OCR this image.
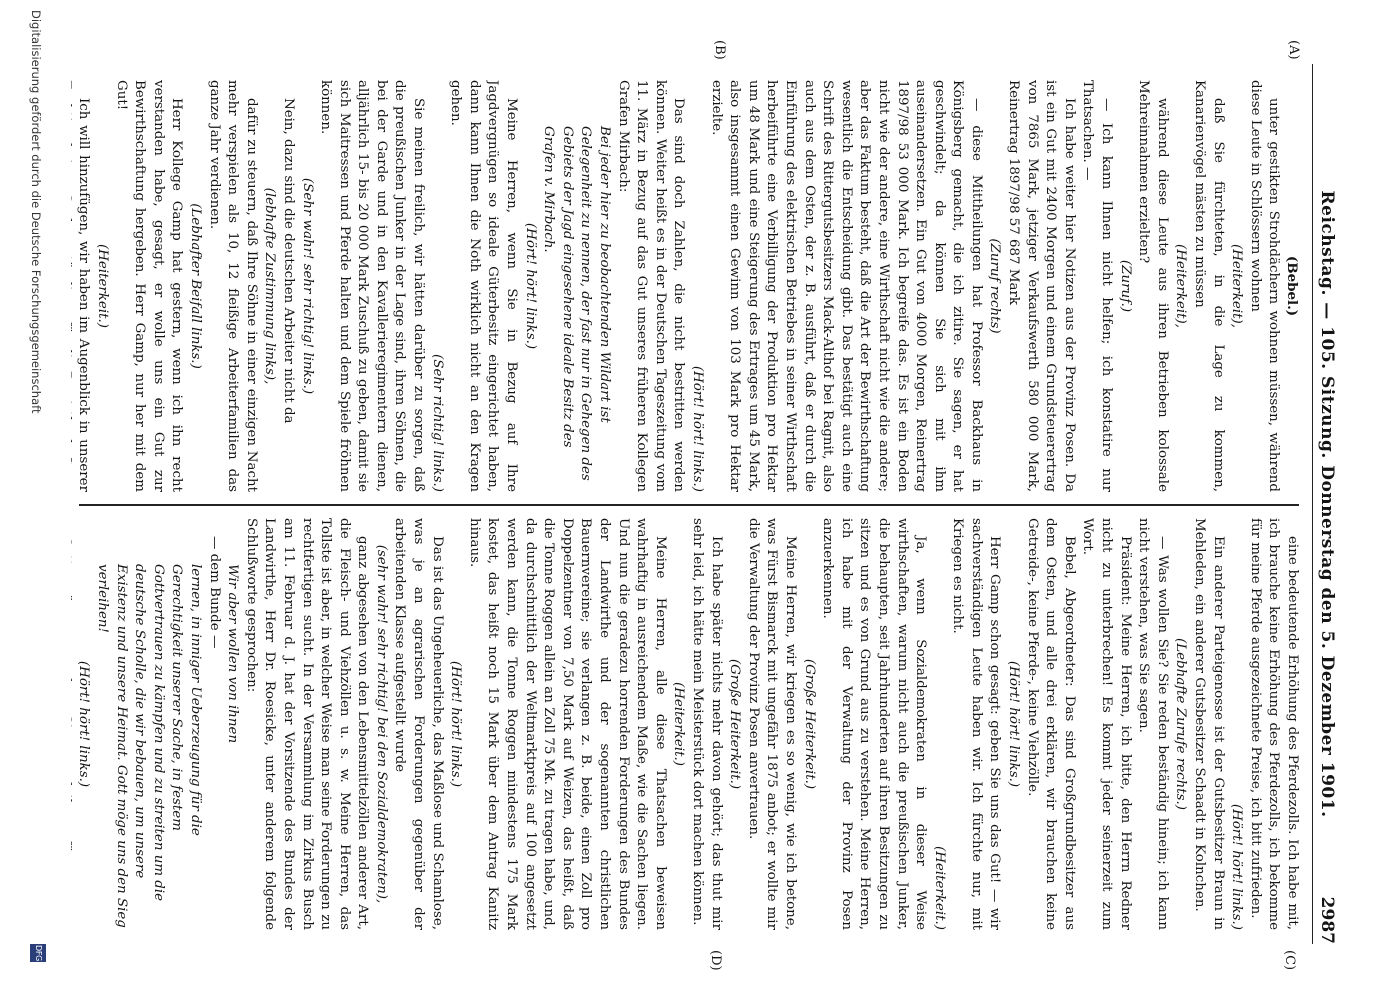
Reichstag. — 105. Sitzung. Donnerstag den 5. Dezember 1901.
2987
(A)
(B)
(C)
(D)

(Bebel.)

unter gestikten Strohdächern wohnen müssen, während diese Leute in Schlössern wohnen

(Heiterkeit),

daß Sie fürchteten, in die Lage zu kommen, Kanarienvögel mästen zu müssen

(Heiterkeit),

während diese Leute aus ihren Betrieben kolossale Mehreinnahmen erzielten?

(Zuruf.)

— Ich kann Ihnen nicht helfen; ich konstatire nur Thatsachen. —

Ich habe weiter hier Notizen aus der Provinz Posen. Da ist ein Gut mit 2400 Morgen und einem Grundsteuerertrag von 7865 Mark, jetziger Verkaufswerth 580 000 Mark, Reinertrag 1897/98 57 687 Mark

(Zuruf rechts)

— diese Mittheilungen hat Professor Backhaus in Königsberg gemacht, die ich zitire. Sie sagen, er hat geschwindelt; da können Sie sich mit ihm auseinandersetzen. Ein Gut von 4000 Morgen, Reinertrag 1897/98 53 000 Mark. Ich begreife das. Es ist ein Boden nicht wie der andere, eine Wirthschaft nicht wie die andere; aber das Faktum besteht, daß die Art der Bewirthschaftung wesentlich die Entscheidung gibt. Das bestätigt auch eine Schrift des Rittergutsbesitzers Mack-Althof bei Ragnit, also auch aus dem Osten, der z. B. ausführt, daß er durch die Einführung des elektrischen Betriebes in seiner Wirthschaft herbeiführte eine Verbilligung der Produktion pro Hektar um 48 Mark und eine Steigerung des Ertrages um 45 Mark, also insgesammt einen Gewinn von 103 Mark pro Hektar erzielte.

(Hört! hört! links.)

Das sind doch Zahlen, die nicht bestritten werden können. Weiter heißt es in der Deutschen Tageszeitung vom 11. März in Bezug auf das Gut unseres früheren Kollegen Grafen Mirbach:

Bei jeder hier zu beobachtenden Wildart ist Gelegenheit zu nennen, der fast nur in Gehegen des Gebiets der Jagd eingesehene ideale Besitz des Grafen v. Mirbach.

(Hört! hört! links.)

Meine Herren, wenn Sie in Bezug auf Ihre Jagdvergnügen so ideale Güterbesitz eingerichtet haben, dann kann Ihnen die Noth wirklich nicht an den Kragen gehen.

(Sehr richtig! links.)

Sie meinen freilich, wir hätten darüber zu sorgen, daß die preußischen Junker in der Lage sind, ihren Söhnen, die bei der Garde und in den Kavallerieregimentern dienen, alljährlich 15- bis 20 000 Mark Zuschuß zu geben, damit sie sich Maitressen und Pferde halten und dem Spiele fröhnen können.

(Sehr wahr! sehr richtig! links.)

Nein, dazu sind die deutschen Arbeiter nicht da

(lebhafte Zustimmung links),

dafür zu steuern, daß Ihre Söhne in einer einzigen Nacht mehr verspielen als 10, 12 fleißige Arbeiterfamilien das ganze Jahr verdienen.

(Lebhafter Beifall links.)

Herr Kollege Gamp hat gestern, wenn ich ihn recht verstanden habe, gesagt, er wolle uns ein Gut zur Bewirthschaftung hergeben. Herr Gamp, nur her mit dem Gut!

(Heiterkeit.)

Ich will hinzufügen, wir haben im Augenblick in unserer

eine bedeutende Erhöhung des Pferdezolls. Ich habe mit, ich brauche keine Erhöhung des Pferdezolls, ich bekomme für meine Pferde ausgezeichnete Preise, ich bitt zufrieden.

(Hört! hört! links.)

Ein anderer Parteigenosse ist der Gutsbesitzer Braun in Mehleden, ein anderer Gutsbesitzer Schaadt in Kolnchen.

(Lebhafte Zurufe rechts.)

— Was wollen Sie? Sie reden beständig hinein; ich kann nicht verstehen, was Sie sagen.

Präsident: Meine Herren, ich bitte, den Herrn Redner nicht zu unterbrechen! Es kommt jeder seinerzeit zum Wort.

Bebel, Abgeordneter: Das sind Großgrundbesitzer aus dem Osten, und alle drei erklären, wir brauchen keine Getreide-, keine Pferde-, keine Viehzölle.

(Hört! hört! links.)

Herr Gamp schon gesagt: geben Sie uns das Gut! — wir sachverständigen Leute haben wir. Ich fürchte nur, mit Kriegen es nicht.

(Heiterkeit.)

Ja, wenn Sozialdemokraten in dieser Weise wirthschaften, warum nicht auch die preußischen Junker, die behaupten, seit Jahrhunderten auf ihren Besitzungen zu sitzen und es von Grund aus zu verstehen. Meine Herren, ich habe mit der Verwaltung der Provinz Posen anzuerkennen.

(Große Heiterkeit.)

Meine Herren, wir kriegen es so wenig, wie ich betone, was Fürst Bismarck mit ungefähr 1875 anbot; er wollte mir die Verwaltung der Provinz Posen anvertrauen.

(Große Heiterkeit.)

Ich habe später nichts mehr davon gehört; das thut mir sehr leid, ich hätte mein Meisterstück dort machen können.

(Heiterkeit.)

Meine Herren, alle diese Thatsachen beweisen wahrhaftig in ausreichendem Maße, wie die Sachen liegen. Und nun die geradezu horrenden Forderungen des Bundes der Landwirthe und der sogenannten christlichen Bauernvereine; sie verlangen z. B. beide, einen Zoll pro Doppelzentner von 7,50 Mark auf Weizen, das heißt, daß die Tonne Roggen allein an Zoll 75 Mk. zu tragen habe, und, da durchschnittlich der Weltmarktpreis auf 100 angesetzt werden kann, die Tonne Roggen mindestens 175 Mark kostet, das heißt noch 15 Mark über dem Antrag Kanitz hinaus.

(Hört! hört! links.)

Das ist das Ungeheuerliche, das Maßlose und Schamlose, was je an agrarischen Forderungen gegenüber der arbeitenden Klasse aufgestellt wurde

(sehr wahr! sehr richtig! bei den Sozialdemokraten),

ganz abgesehen von den Lebensmittelzöllen anderer Art, die Fleisch- und Viehzöllen u. s. w. Meine Herren, das Tollste ist aber, in welcher Weise man seine Forderungen zu rechtfertigen sucht. In der Versammlung im Zirkus Busch am 11. Februar d. J. hat der Vorsitzende des Bundes der Landwirthe, Herr Dr. Roesicke, unter anderem folgende Schlußworte gesprochen:

Wir aber wollen von ihnen

— dem Bunde —

lernen, in inniger Ueberzeugung für die Gerechtigkeit unserer Sache, in festem Gottvertrauen zu kämpfen und zu streiten um die deutsche Scholle, die wir bebauen, um unsere Existenz und unsere Heimat. Gott möge uns den Sieg verleihen!

(Hört! hört! links.)

Digitalisierung gefördert durch die Deutsche Forschungsgemeinschaft
DFG
